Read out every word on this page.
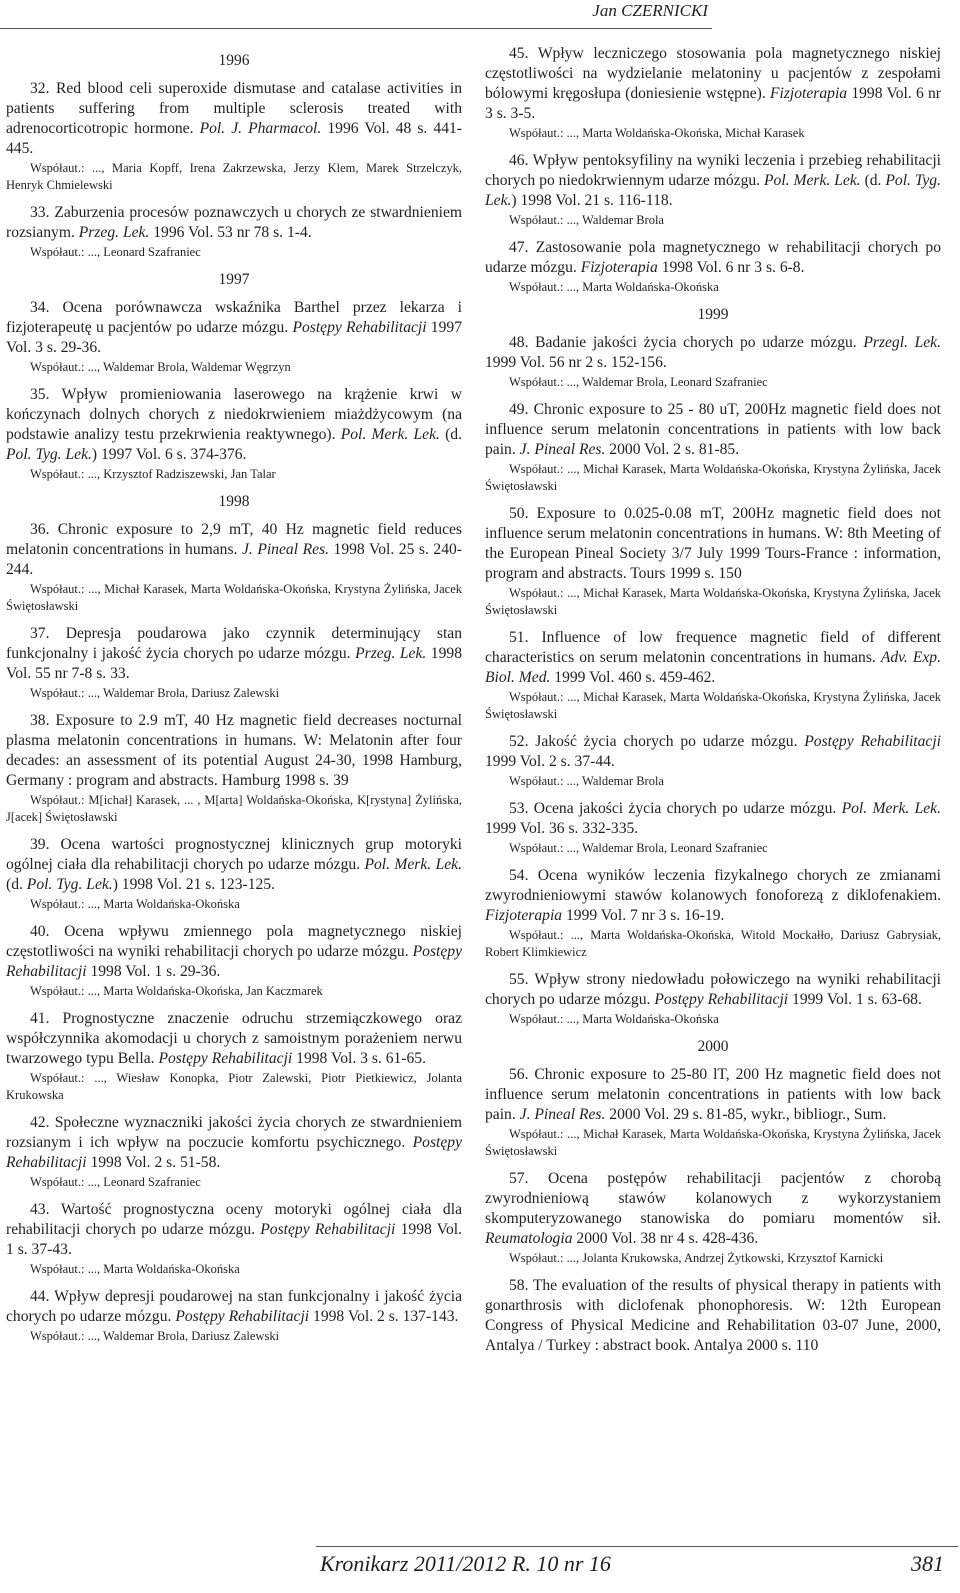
Jan CZERNICKI
1996

32. Red blood celi superoxide dismutase and catalase activities in patients suffering from multiple sclerosis treated with adrenocorticotropic hormone. Pol. J. Pharmacol. 1996 Vol. 48 s. 441-445.

Współaut.: ..., Maria Kopff, Irena Zakrzewska, Jerzy Klem, Marek Strzelczyk, Henryk Chmielewski

33. Zaburzenia procesów poznawczych u chorych ze stwardnieniem rozsianym. Przeg. Lek. 1996 Vol. 53 nr 78 s. 1-4.

Współaut.: ..., Leonard Szafraniec

1997

34. Ocena porównawcza wskaźnika Barthel przez lekarza i fizjoterapeutę u pacjentów po udarze mózgu. Postępy Rehabilitacji 1997 Vol. 3 s. 29-36.

Współaut.: ..., Waldemar Brola, Waldemar Węgrzyn

35. Wpływ promieniowania laserowego na krążenie krwi w kończynach dolnych chorych z niedokrwieniem miażdżycowym (na podstawie analizy testu przekrwienia reaktywnego). Pol. Merk. Lek. (d. Pol. Tyg. Lek.) 1997 Vol. 6 s. 374-376.

Współaut.: ..., Krzysztof Radziszewski, Jan Talar

1998

36. Chronic exposure to 2,9 mT, 40 Hz magnetic field reduces melatonin concentrations in humans. J. Pineal Res. 1998 Vol. 25 s. 240-244.

Współaut.: ..., Michał Karasek, Marta Woldańska-Okońska, Krystyna Żylińska, Jacek Świętosławski

37. Depresja poudarowa jako czynnik determinujący stan funkcjonalny i jakość życia chorych po udarze mózgu. Przeg. Lek. 1998 Vol. 55 nr 7-8 s. 33.

Współaut.: ..., Waldemar Brola, Dariusz Zalewski

38. Exposure to 2.9 mT, 40 Hz magnetic field decreases nocturnal plasma melatonin concentrations in humans. W: Melatonin after four decades: an assessment of its potential August 24-30, 1998 Hamburg, Germany : program and abstracts. Hamburg 1998 s. 39

Współaut.: M[ichał] Karasek, ... , M[arta] Woldańska-Okońska, K[rystyna] Żylińska, J[acek] Świętosławski

39. Ocena wartości prognostycznej klinicznych grup motoryki ogólnej ciała dla rehabilitacji chorych po udarze mózgu. Pol. Merk. Lek. (d. Pol. Tyg. Lek.) 1998 Vol. 21 s. 123-125.

Współaut.: ..., Marta Woldańska-Okońska

40. Ocena wpływu zmiennego pola magnetycznego niskiej częstotliwości na wyniki rehabilitacji chorych po udarze mózgu. Postępy Rehabilitacji 1998 Vol. 1 s. 29-36.

Współaut.: ..., Marta Woldańska-Okońska, Jan Kaczmarek

41. Prognostyczne znaczenie odruchu strzemiączkowego oraz współczynnika akomodacji u chorych z samoistnym porażeniem nerwu twarzowego typu Bella. Postępy Rehabilitacji 1998 Vol. 3 s. 61-65.

Współaut.: ..., Wiesław Konopka, Piotr Zalewski, Piotr Pietkiewicz, Jolanta Krukowska

42. Społeczne wyznaczniki jakości życia chorych ze stwardnieniem rozsianym i ich wpływ na poczucie komfortu psychicznego. Postępy Rehabilitacji 1998 Vol. 2 s. 51-58.

Współaut.: ..., Leonard Szafraniec

43. Wartość prognostyczna oceny motoryki ogólnej ciała dla rehabilitacji chorych po udarze mózgu. Postępy Rehabilitacji 1998 Vol. 1 s. 37-43.

Współaut.: ..., Marta Woldańska-Okońska

44. Wpływ depresji poudarowej na stan funkcjonalny i jakość życia chorych po udarze mózgu. Postępy Rehabilitacji 1998 Vol. 2 s. 137-143.

Współaut.: ..., Waldemar Brola, Dariusz Zalewski

45. Wpływ leczniczego stosowania pola magnetycznego niskiej częstotliwości na wydzielanie melatoniny u pacjentów z zespołami bólowymi kręgosłupa (doniesienie wstępne). Fizjoterapia 1998 Vol. 6 nr 3 s. 3-5.

Współaut.: ..., Marta Woldańska-Okońska, Michał Karasek

46. Wpływ pentoksyfiliny na wyniki leczenia i przebieg rehabilitacji chorych po niedokrwiennym udarze mózgu. Pol. Merk. Lek. (d. Pol. Tyg. Lek.) 1998 Vol. 21 s. 116-118.

Współaut.: ..., Waldemar Brola

47. Zastosowanie pola magnetycznego w rehabilitacji chorych po udarze mózgu. Fizjoterapia 1998 Vol. 6 nr 3 s. 6-8.

Współaut.: ..., Marta Woldańska-Okońska

1999

48. Badanie jakości życia chorych po udarze mózgu. Przegl. Lek. 1999 Vol. 56 nr 2 s. 152-156.

Współaut.: ..., Waldemar Brola, Leonard Szafraniec

49. Chronic exposure to 25 - 80 uT, 200Hz magnetic field does not influence serum melatonin concentrations in patients with low back pain. J. Pineal Res. 2000 Vol. 2 s. 81-85.

Współaut.: ..., Michał Karasek, Marta Woldańska-Okońska, Krystyna Żylińska, Jacek Świętosławski

50. Exposure to 0.025-0.08 mT, 200Hz magnetic field does not influence serum melatonin concentrations in humans. W: 8th Meeting of the European Pineal Society 3/7 July 1999 Tours-France : information, program and abstracts. Tours 1999 s. 150

Współaut.: ..., Michał Karasek, Marta Woldańska-Okońska, Krystyna Żylińska, Jacek Świętosławski

51. Influence of low frequence magnetic field of different characteristics on serum melatonin concentrations in humans. Adv. Exp. Biol. Med. 1999 Vol. 460 s. 459-462.

Współaut.: ..., Michał Karasek, Marta Woldańska-Okońska, Krystyna Żylińska, Jacek Świętosławski

52. Jakość życia chorych po udarze mózgu. Postępy Rehabilitacji 1999 Vol. 2 s. 37-44.

Współaut.: ..., Waldemar Brola

53. Ocena jakości życia chorych po udarze mózgu. Pol. Merk. Lek. 1999 Vol. 36 s. 332-335.

Współaut.: ..., Waldemar Brola, Leonard Szafraniec

54. Ocena wyników leczenia fizykalnego chorych ze zmianami zwyrodnieniowymi stawów kolanowych fonoforezą z diklofenakiem. Fizjoterapia 1999 Vol. 7 nr 3 s. 16-19.

Współaut.: ..., Marta Woldańska-Okońska, Witold Mockałło, Dariusz Gabrysiak, Robert Klimkiewicz

55. Wpływ strony niedowładu połowiczego na wyniki rehabilitacji chorych po udarze mózgu. Postępy Rehabilitacji 1999 Vol. 1 s. 63-68.

Współaut.: ..., Marta Woldańska-Okońska

2000

56. Chronic exposure to 25-80 lT, 200 Hz magnetic field does not influence serum melatonin concentrations in patients with low back pain. J. Pineal Res. 2000 Vol. 29 s. 81-85, wykr., bibliogr., Sum.

Współaut.: ..., Michał Karasek, Marta Woldańska-Okońska, Krystyna Żylińska, Jacek Świętosławski

57. Ocena postępów rehabilitacji pacjentów z chorobą zwyrodnieniową stawów kolanowych z wykorzystaniem skomputeryzowanego stanowiska do pomiaru momentów sił. Reumatologia 2000 Vol. 38 nr 4 s. 428-436.

Współaut.: ..., Jolanta Krukowska, Andrzej Żytkowski, Krzysztof Karnicki

58. The evaluation of the results of physical therapy in patients with gonarthrosis with diclofenak phonophoresis. W: 12th European Congress of Physical Medicine and Rehabilitation 03-07 June, 2000, Antalya / Turkey : abstract book. Antalya 2000 s. 110

Kronikarz 2011/2012 R. 10 nr 16	381
